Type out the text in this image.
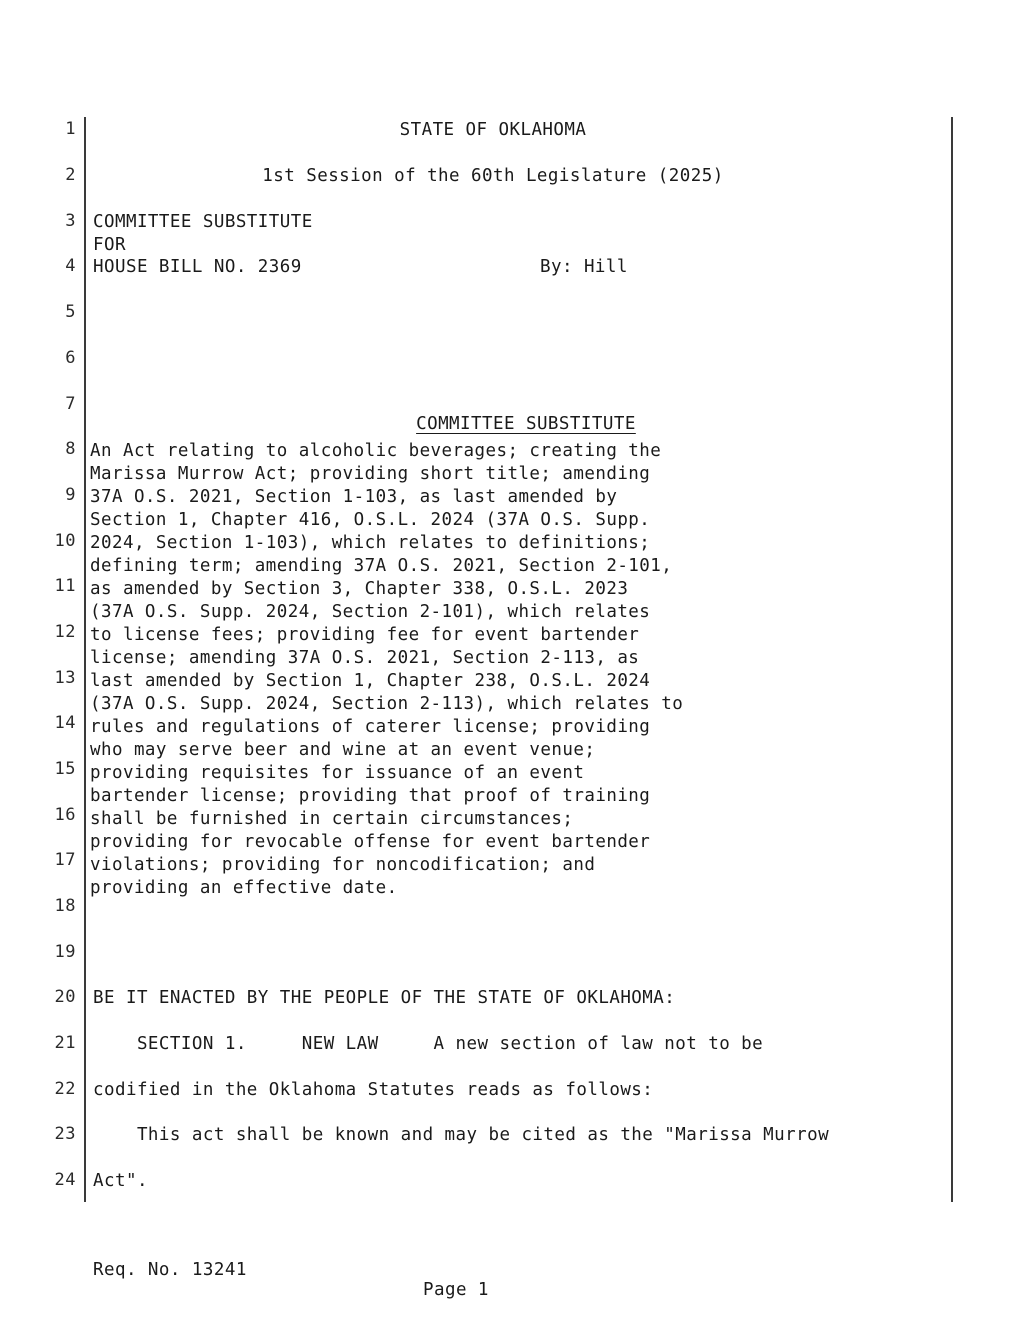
1
2
3
4
5
6
7
8
9
10
11
12
13
14
15
16
17
18
19
20
21
22
23
24
STATE OF OKLAHOMA
1st Session of the 60th Legislature (2025)
COMMITTEE SUBSTITUTE
FOR
HOUSE BILL NO. 2369	By: Hill

COMMITTEE SUBSTITUTE

BE IT ENACTED BY THE PEOPLE OF THE STATE OF OKLAHOMA:
SECTION 1.     NEW LAW     A new section of law not to be
codified in the Oklahoma Statutes reads as follows:
This act shall be known and may be cited as the "Marissa Murrow
Act".
An Act relating to alcoholic beverages; creating the
Marissa Murrow Act; providing short title; amending
37A O.S. 2021, Section 1-103, as last amended by
Section 1, Chapter 416, O.S.L. 2024 (37A O.S. Supp.
2024, Section 1-103), which relates to definitions;
defining term; amending 37A O.S. 2021, Section 2-101,
as amended by Section 3, Chapter 338, O.S.L. 2023
(37A O.S. Supp. 2024, Section 2-101), which relates
to license fees; providing fee for event bartender
license; amending 37A O.S. 2021, Section 2-113, as
last amended by Section 1, Chapter 238, O.S.L. 2024
(37A O.S. Supp. 2024, Section 2-113), which relates to
rules and regulations of caterer license; providing
who may serve beer and wine at an event venue;
providing requisites for issuance of an event
bartender license; providing that proof of training
shall be furnished in certain circumstances;
providing for revocable offense for event bartender
violations; providing for noncodification; and
providing an effective date.

Req. No. 13241

Page 1
